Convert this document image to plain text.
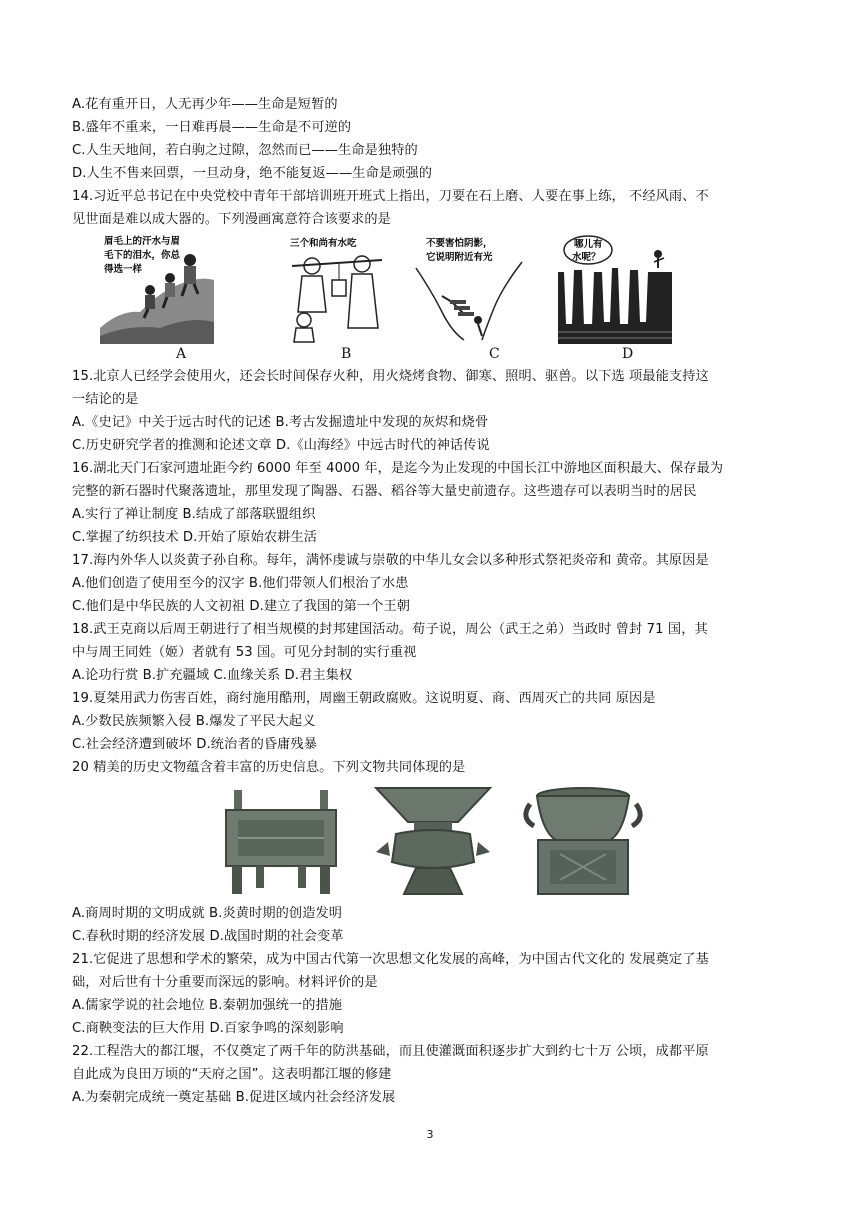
A.花有重开日，人无再少年——生命是短暂的
B.盛年不重来，一日难再晨——生命是不可逆的
C.人生天地间，若白驹之过隙，忽然而已——生命是独特的
D.人生不售来回票，一旦动身，绝不能复返——生命是顽强的
14.习近平总书记在中央党校中青年干部培训班开班式上指出，刀要在石上磨、人要在事上练， 不经风雨、不
见世面是难以成大器的。下列漫画寓意符合该要求的是
眉毛上的汗水与眉
毛下的泪水，你总
得选一样
A
三个和尚有水吃
B
不要害怕阴影，
它说明附近有光
C
哪儿有
水呢？
D
15.北京人已经学会使用火，还会长时间保存火种，用火烧烤食物、御寒、照明、驱兽。以下选 项最能支持这
一结论的是
A.《史记》中关于远古时代的记述 B.考古发掘遗址中发现的灰烬和烧骨
C.历史研究学者的推测和论述文章 D.《山海经》中远古时代的神话传说
16.湖北天门石家河遗址距今约 6000 年至 4000 年，是迄今为止发现的中国长江中游地区面积最大、保存最为
完整的新石器时代聚落遗址，那里发现了陶器、石器、稻谷等大量史前遗存。这些遗存可以表明当时的居民
A.实行了禅让制度 B.结成了部落联盟组织
C.掌握了纺织技术 D.开始了原始农耕生活
17.海内外华人以炎黄子孙自称。每年，满怀虔诚与崇敬的中华儿女会以多种形式祭祀炎帝和 黄帝。其原因是
A.他们创造了使用至今的汉字 B.他们带领人们根治了水患
C.他们是中华民族的人文初祖 D.建立了我国的第一个王朝
18.武王克商以后周王朝进行了相当规模的封邦建国活动。荀子说，周公（武王之弟）当政时 曾封 71 国，其
中与周王同姓（姬）者就有 53 国。可见分封制的实行重视
A.论功行赏 B.扩充疆域 C.血缘关系 D.君主集权
19.夏桀用武力伤害百姓，商纣施用酷刑，周幽王朝政腐败。这说明夏、商、西周灭亡的共同 原因是
A.少数民族频繁入侵 B.爆发了平民大起义
C.社会经济遭到破坏 D.统治者的昏庸残暴
20 精美的历史文物蕴含着丰富的历史信息。下列文物共同体现的是
A.商周时期的文明成就 B.炎黄时期的创造发明
C.春秋时期的经济发展 D.战国时期的社会变革
21.它促进了思想和学术的繁荣，成为中国古代第一次思想文化发展的高峰，为中国古代文化的 发展奠定了基
础，对后世有十分重要而深远的影响。材料评价的是
A.儒家学说的社会地位 B.秦朝加强统一的措施
C.商鞅变法的巨大作用 D.百家争鸣的深刻影响
22.工程浩大的都江堰，不仅奠定了两千年的防洪基础，而且使灌溉面积逐步扩大到约七十万 公顷，成都平原
自此成为良田万顷的“天府之国”。这表明都江堰的修建
A.为秦朝完成统一奠定基础 B.促进区域内社会经济发展
3
